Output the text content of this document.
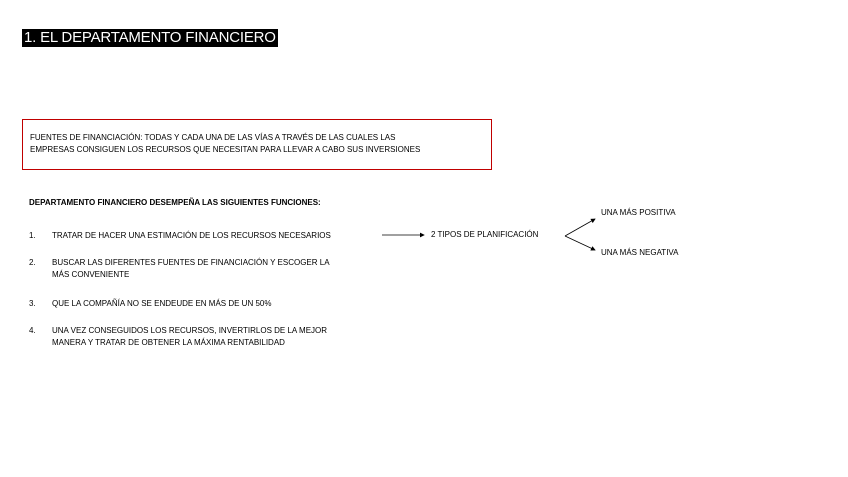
1. EL DEPARTAMENTO FINANCIERO
FUENTES DE FINANCIACIÓN: TODAS Y CADA UNA DE LAS VÍAS A TRAVÉS DE LAS CUALES LAS
EMPRESAS CONSIGUEN LOS RECURSOS QUE NECESITAN PARA LLEVAR A CABO SUS INVERSIONES
DEPARTAMENTO FINANCIERO DESEMPEÑA LAS SIGUIENTES FUNCIONES:
1.	TRATAR DE HACER UNA ESTIMACIÓN DE LOS RECURSOS NECESARIOS
2.	BUSCAR LAS DIFERENTES FUENTES DE FINANCIACIÓN Y ESCOGER LA
MÁS CONVENIENTE
3.	QUE LA COMPAÑÍA NO SE ENDEUDE EN MÁS DE UN 50%
4.	UNA VEZ CONSEGUIDOS LOS RECURSOS, INVERTIRLOS DE LA MEJOR
MANERA Y TRATAR DE OBTENER LA MÁXIMA RENTABILIDAD
2 TIPOS DE PLANIFICACIÓN
UNA MÁS POSITIVA
UNA MÁS NEGATIVA
